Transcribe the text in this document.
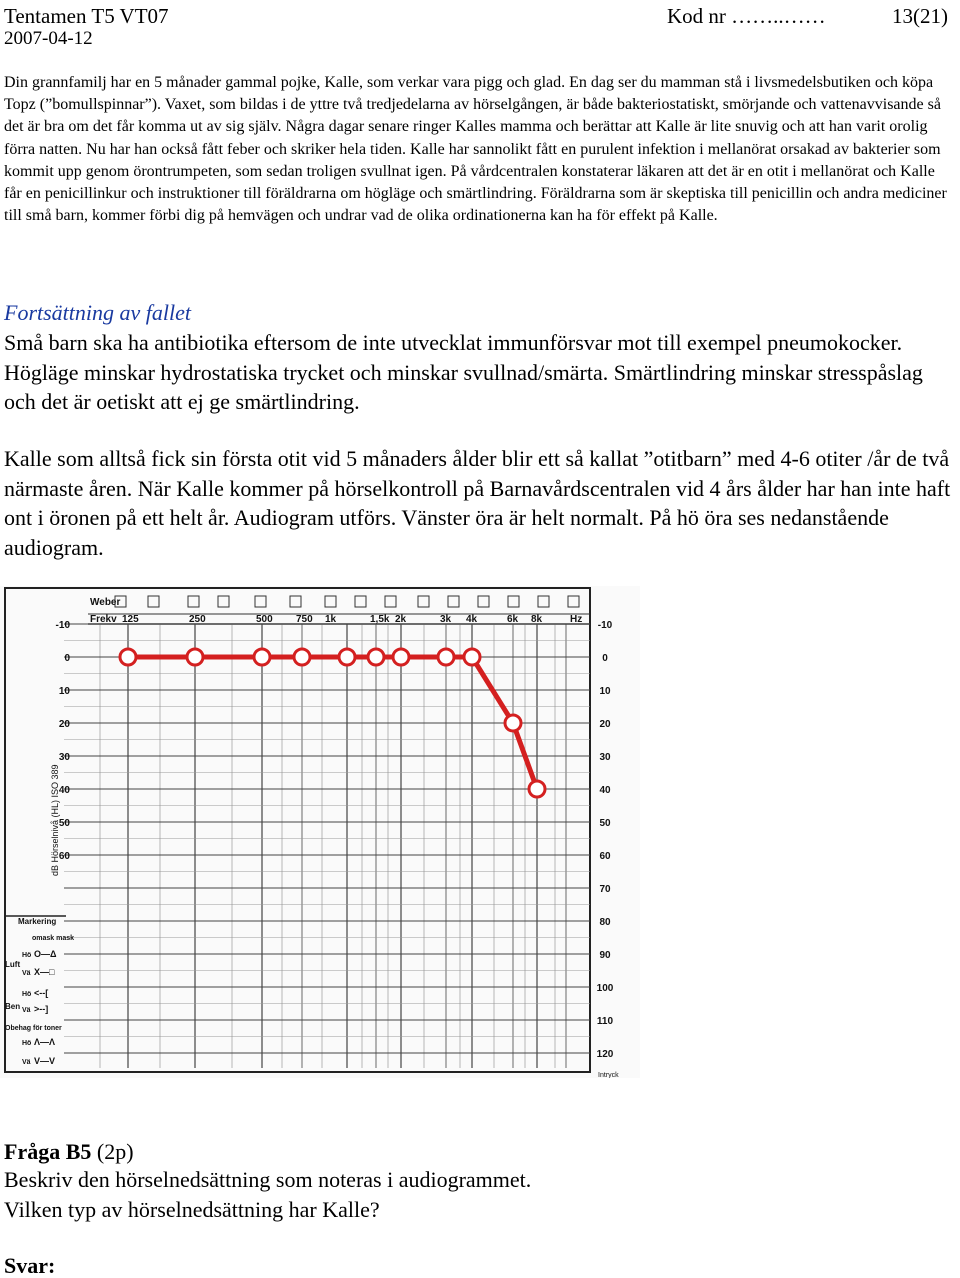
Tentamen T5 VT07	Kod nr ……..……	13(21)
2007-04-12
Din grannfamilj har en 5 månader gammal pojke, Kalle, som verkar vara pigg och glad. En dag ser du mamman stå i livsmedelsbutiken och köpa Topz (”bomullspinnar”). Vaxet, som bildas i de yttre två tredjedelarna av hörselgången, är både bakteriostatiskt, smörjande och vattenavvisande så det är bra om det får komma ut av sig själv. Några dagar senare ringer Kalles mamma och berättar att Kalle är lite snuvig och att han varit orolig förra natten. Nu har han också fått feber och skriker hela tiden. Kalle har sannolikt fått en purulent infektion i mellanörat orsakad av bakterier som kommit upp genom örontrumpeten, som sedan troligen svullnat igen. På vårdcentralen konstaterar läkaren att det är en otit i mellanörat och Kalle får en penicillinkur och instruktioner till föräldrarna om högläge och smärtlindring. Föräldrarna som är skeptiska till penicillin och andra mediciner till små barn, kommer förbi dig på hemvägen och undrar vad de olika ordinationerna kan ha för effekt på Kalle.
Fortsättning av fallet
Små barn ska ha antibiotika eftersom de inte utvecklat immunförsvar mot till exempel pneumokocker. Högläge minskar hydrostatiska trycket och minskar svullnad/smärta. Smärtlindring minskar stresspåslag och det är oetiskt att ej ge smärtlindring.
Kalle som alltså fick sin första otit vid 5 månaders ålder blir ett så kallat ”otitbarn” med 4-6 otiter /år de två närmaste åren. När Kalle kommer på hörselkontroll på Barnavårdscentralen vid 4 års ålder har han inte haft ont i öronen på ett helt år. Audiogram utförs. Vänster öra är helt normalt. På hö öra ses nedanstående audiogram.
Weber
Frekv 125	250	500 750 1k	1,5k 2k	3k 4k	6k 8k	Hz
-10	-10
0	0
10	10
20	20
30	30
40	40
50	50
60	60
70
80
90
100
110
120
dB Hörselnivå (HL) ISO 389
Markering
omask mask
Luft
Ben
Obehag för toner
Hö O—Δ
Vä X—□
Hö <--[
Vä >--]
Hö Λ—Λ
Vä V—V
Intryck
Fråga B5 (2p)
Beskriv den hörselnedsättning som noteras i audiogrammet.
Vilken typ av hörselnedsättning har Kalle?
Svar:
